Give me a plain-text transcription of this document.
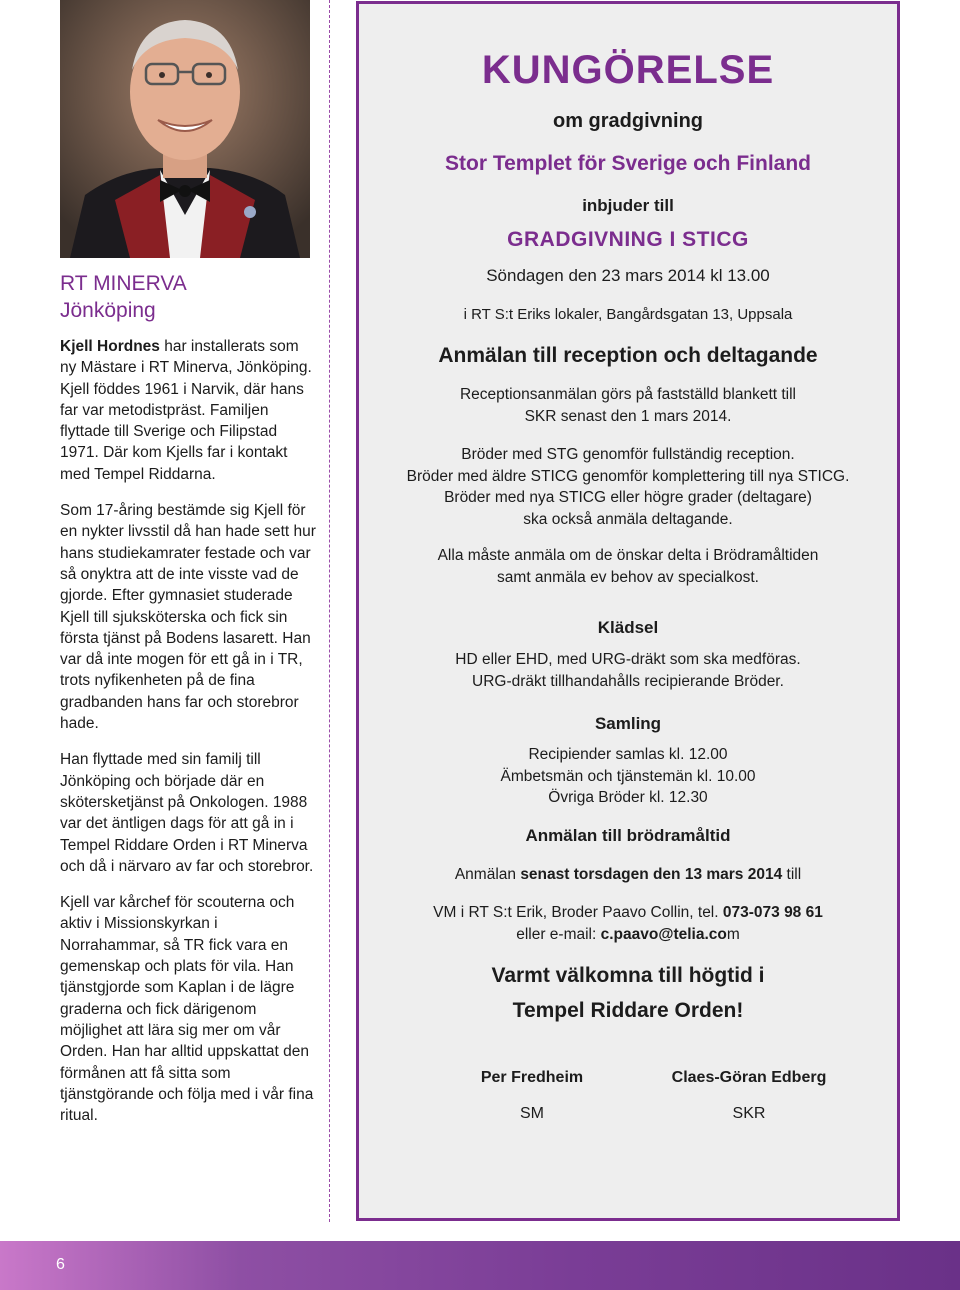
RT MINERVA
Jönköping

Kjell Hordnes har installerats som ny Mästare i RT Minerva, Jönköping. Kjell föddes 1961 i Narvik, där hans far var metodistpräst. Familjen flyttade till Sverige och Filipstad 1971. Där kom Kjells far i kontakt med Tempel Riddarna.

Som 17-åring bestämde sig Kjell för en nykter livsstil då han hade sett hur hans studiekamrater festade och var så onyktra att de inte visste vad de gjorde. Efter gymnasiet studerade Kjell till sjuksköterska och fick sin första tjänst på Bodens lasarett. Han var då inte mogen för ett gå in i TR, trots nyfikenheten på de fina gradbanden hans far och storebror hade.

Han flyttade med sin familj till Jönköping och började där en skötersketjänst på Onkologen. 1988 var det äntligen dags för att gå in i Tempel Riddare Orden i RT Minerva och då i närvaro av far och storebror.

Kjell var kårchef för scouterna och aktiv i Missionskyrkan i Norrahammar, så TR fick vara en gemenskap och plats för vila. Han tjänstgjorde som Kaplan i de lägre graderna och fick därigenom möjlighet att lära sig mer om vår Orden. Han har alltid uppskattat den förmånen att få sitta som tjänstgörande och följa med i vår fina ritual.

KUNGÖRELSE
om gradgivning
Stor Templet för Sverige och Finland
inbjuder till
GRADGIVNING I STICG
Söndagen den 23 mars 2014 kl 13.00
i RT S:t Eriks lokaler, Bangårdsgatan 13, Uppsala
Anmälan till reception och deltagande
Receptionsanmälan görs på fastställd blankett till
SKR senast den 1 mars 2014.
Bröder med STG genomför fullständig reception.
Bröder med äldre STICG genomför komplettering till nya STICG.
Bröder med nya STICG eller högre grader (deltagare)
ska också anmäla deltagande.
Alla måste anmäla om de önskar delta i Brödramåltiden
samt anmäla ev behov av specialkost.
Klädsel
HD eller EHD, med URG-dräkt som ska medföras.
URG-dräkt tillhandahålls recipierande Bröder.
Samling
Recipiender samlas kl. 12.00
Ämbetsmän och tjänstemän kl. 10.00
Övriga Bröder kl. 12.30
Anmälan till brödramåltid
Anmälan senast torsdagen den 13 mars 2014 till
VM i RT S:t Erik, Broder Paavo Collin, tel. 073-073 98 61
eller e-mail: c.paavo@telia.com
Varmt välkomna till högtid i
Tempel Riddare Orden!
Per Fredheim
SM
Claes-Göran Edberg
SKR
6
